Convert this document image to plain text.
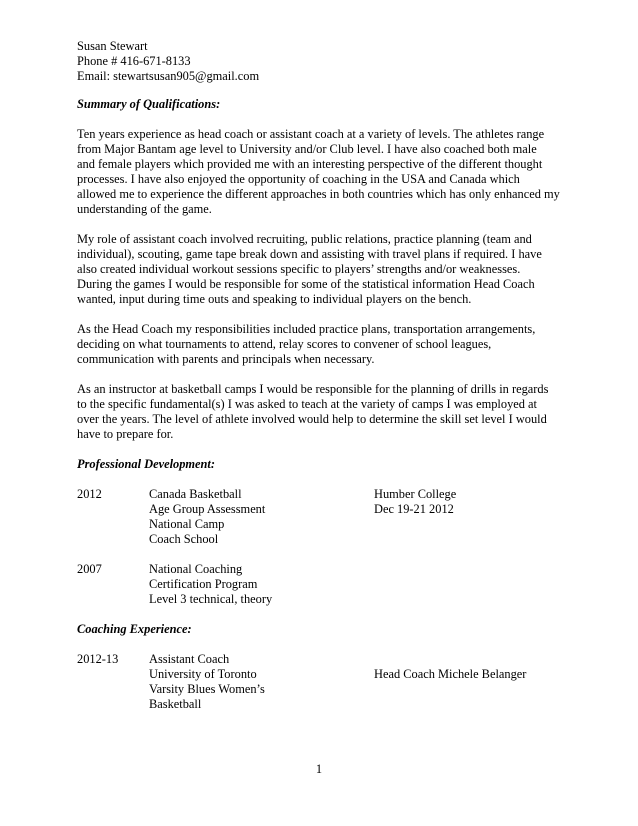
Susan Stewart
Phone # 416-671-8133
Email: stewartsusan905@gmail.com
Summary of Qualifications:
Ten years experience as head coach or assistant coach at a variety of levels. The athletes range
from Major Bantam age level to University and/or Club level. I have also coached both male
and female players which provided me with an interesting perspective of the different thought
processes. I have also enjoyed the opportunity of coaching in the USA and Canada which
allowed me to experience the different approaches in both countries which has only enhanced my
understanding of the game.
My role of assistant coach involved recruiting, public relations, practice planning (team and
individual), scouting, game tape break down and assisting with travel plans if required. I have
also created individual workout sessions specific to players’ strengths and/or weaknesses.
During the games I would be responsible for some of the statistical information Head Coach
wanted, input during time outs and speaking to individual players on the bench.
As the Head Coach my responsibilities included practice plans, transportation arrangements,
deciding on what tournaments to attend, relay scores to convener of school leagues,
communication with parents and principals when necessary.
As an instructor at basketball camps I would be responsible for the planning of drills in regards
to the specific fundamental(s) I was asked to teach at the variety of camps I was employed at
over the years. The level of athlete involved would help to determine the skill set level I would
have to prepare for.
Professional Development:
2012	Canada Basketball	Humber College
Age Group Assessment	Dec 19-21 2012
National Camp
Coach School
2007	National Coaching
Certification Program
Level 3 technical, theory
Coaching Experience:
2012-13 Assistant Coach
University of Toronto	Head Coach Michele Belanger
Varsity Blues Women’s
Basketball
1
